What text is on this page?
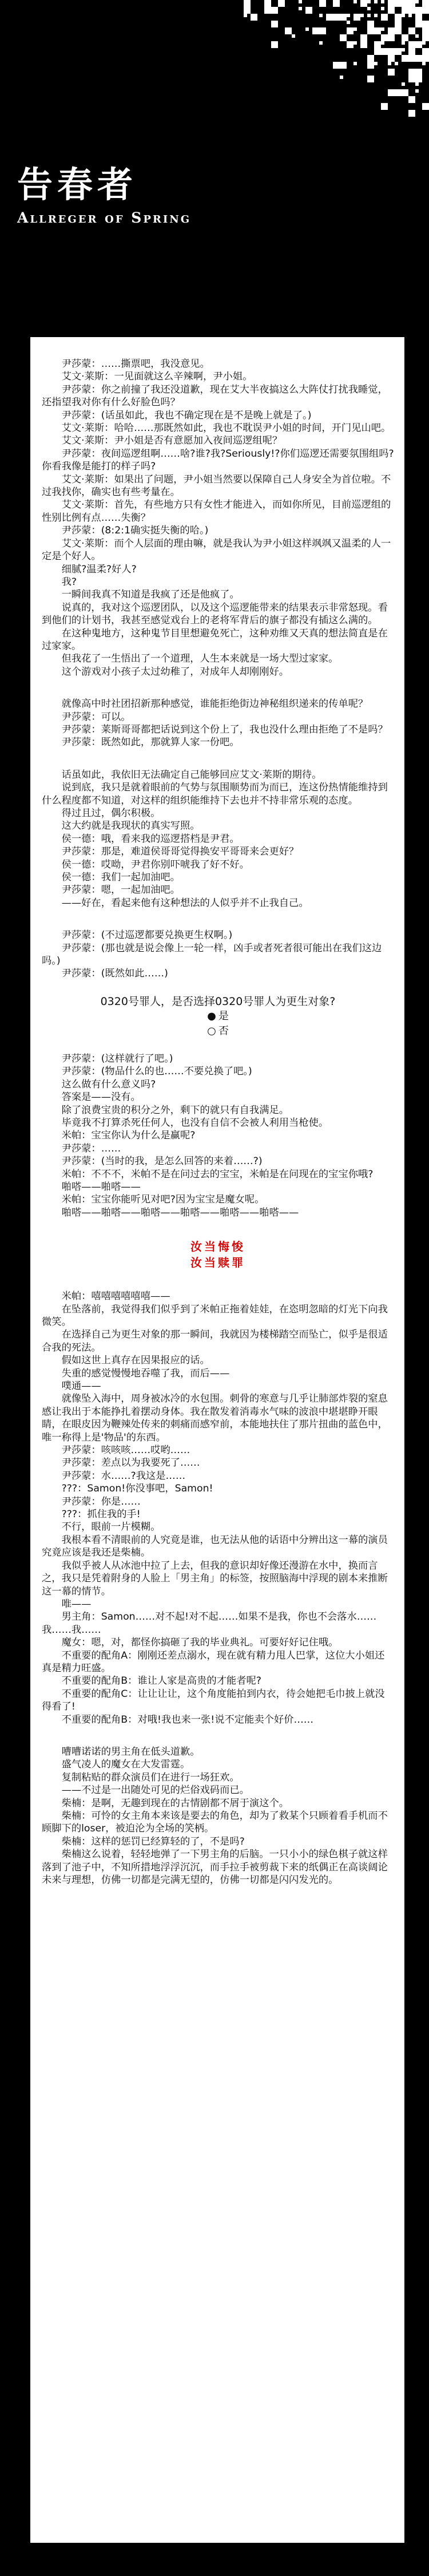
告春者
Allreger of Spring

　　尹莎蒙：……撕票吧，我没意见。

　　艾文·莱斯：一见面就这么辛辣啊，尹小姐。

　　尹莎蒙：你之前撞了我还没道歉，现在艾大半夜搞这么大阵仗打扰我睡觉，还指望我对你有什么好脸色吗？

　　尹莎蒙：(话虽如此，我也不确定现在是不是晚上就是了。)

　　艾文·莱斯：哈哈……那既然如此，我也不耽误尹小姐的时间，开门见山吧。

　　艾文·莱斯：尹小姐是否有意愿加入夜间巡逻组呢？

　　尹莎蒙：夜间巡逻组啊……啥?谁?我?Seriously!?你们巡逻还需要氛围组吗?你看我像是能打的样子吗?

　　艾文·莱斯：如果出了问题，尹小姐当然要以保障自己人身安全为首位啦。不过我找你，确实也有些考量在。

　　艾文·莱斯：首先，有些地方只有女性才能进入，而如你所见，目前巡逻组的性别比例有点……失衡？

　　尹莎蒙：(8:2:1确实挺失衡的哈。)

　　艾文·莱斯：而个人层面的理由嘛，就是我认为尹小姐这样飒飒又温柔的人一定是个好人。

　　细腻?温柔?好人?

　　我?

　　一瞬间我真不知道是我疯了还是他疯了。

　　说真的，我对这个巡逻团队，以及这个巡逻能带来的结果表示非常怒现。看到他们的计划书，我甚至感觉戏台上的老将军背后的旗子都没有插这么满的。

　　在这种鬼地方，这种鬼节目里想避免死亡，这种劝维又天真的想法简直是在过家家。

　　但我花了一生悟出了一个道理，人生本来就是一场大型过家家。

　　这个游戏对小孩子太过幼稚了，对成年人却刚刚好。

　　就像高中时社团招新那种感觉，谁能拒绝街边神秘组织递来的传单呢？

　　尹莎蒙：可以。

　　尹莎蒙：莱斯哥哥都把话说到这个份上了，我也没什么理由拒绝了不是吗？

　　尹莎蒙：既然如此，那就算人家一份吧。

　　话虽如此，我依旧无法确定自己能够回应艾文·莱斯的期待。

　　说到底，我只是就着眼前的气势与氛围顺势而为而已，连这份热情能维持到什么程度都不知道，对这样的组织能维持下去也并不持非常乐观的态度。

　　得过且过，偶尔积极。

　　这大约就是我现状的真实写照。

　　侯一德：哦，看来我的巡逻搭档是尹君。

　　尹莎蒙：那是，难道侯哥哥觉得换安平哥哥来会更好？

　　侯一德：哎呦，尹君你别吓唬我了好不好。

　　侯一德：我们一起加油吧。

　　尹莎蒙：嗯，一起加油吧。

　　——好在，看起来他有这种想法的人似乎并不止我自己。

　　尹莎蒙：(不过巡逻都要兑换更生权啊。)

　　尹莎蒙：(那也就是说会像上一轮一样，凶手或者死者很可能出在我们这边吗。)

　　尹莎蒙：(既然如此……)

0320号罪人，是否选择0320号罪人为更生对象?
● 是
○ 否

　　尹莎蒙：(这样就行了吧。)

　　尹莎蒙：(物品什么的也……不要兑换了吧。)

　　这么做有什么意义吗?

　　答案是——没有。

　　除了浪费宝贵的积分之外，剩下的就只有自我满足。

　　毕竟我不打算杀死任何人，也没有自信不会被人利用当枪使。

　　米帕：宝宝你认为什么是赢呢?

　　尹莎蒙：……

　　尹莎蒙：(当时的我，是怎么回答的来着……?)

　　米帕：不不不，米帕不是在问过去的宝宝，米帕是在问现在的宝宝你哦?

　　啪嗒——啪嗒——

　　米帕：宝宝你能听见对吧?因为宝宝是魔女呢。

　　啪嗒——啪嗒——啪嗒——啪嗒——啪嗒——啪嗒——

汝当悔悛
汝当赎罪

　　米帕：嘻嘻嘻嘻嘻嘻——

　　在坠落前，我觉得我们似乎到了米帕正拖着娃娃，在恣明忽暗的灯光下向我微笑。

　　在选择自己为更生对象的那一瞬间，我就因为楼梯踏空而坠亡，似乎是很适合我的死法。

　　假如这世上真存在因果报应的话。

　　失重的感觉慢慢地吞噬了我，而后——

　　噗通——

　　就像坠入海中，周身被冰冷的水包围。刺骨的寒意与几乎让肺部炸裂的窒息感让我出于本能挣扎着摆动身体。我在散发着消毒水气味的波浪中堪堪睁开眼睛，在眼皮因为鞭辣处传来的刺痛而感窄前，本能地扶住了那片扭曲的蓝色中，唯一称得上是'物品'的东西。

　　尹莎蒙：咳咳咳……哎哟……

　　尹莎蒙：差点以为我要死了……

　　尹莎蒙：水……?我这是……

　　???：Samon!你没事吧，Samon!

　　尹莎蒙：你是……

　　???：抓住我的手!

　　不行，眼前一片模糊。

　　我根本看不清眼前的人究竟是谁，也无法从他的话语中分辨出这一幕的演员究竟应该是我还是柴楠。

　　我似乎被人从冰池中拉了上去，但我的意识却好像还漫游在水中，换而言之，我只是凭着附身的人脸上「男主角」的标签，按照脑海中浮现的剧本来推断这一幕的情节。

　　唯——

　　男主角：Samon……对不起!对不起……如果不是我，你也不会落水……我……我……

　　魔女：嗯，对，都怪你搞砸了我的毕业典礼。可要好好记住哦。

　　不重要的配角A：刚刚还差点溺水，现在就有精力甩人巴掌，这位大小姐还真是精力旺盛。

　　不重要的配角B：谁让人家是高贵的才能者呢?

　　不重要的配角C：让让让让，这个角度能拍到内衣，待会她把毛巾披上就没得看了!

　　不重要的配角B：对哦!我也来一张!说不定能卖个好价……

　　嘈嘈诺诺的男主角在低头道歉。

　　盛气凌人的魔女在大发雷霆。

　　复制粘贴的群众演员们在进行一场狂欢。

　　——不过是一出随处可见的烂俗戏码而已。

　　柴楠：是啊，无趣到现在的古情剧都不屑于演这个。

　　柴楠：可怜的女主角本来该是要去的角色，却为了救某个只顾着看手机而不顾脚下的loser，被迫沦为全场的笑柄。

　　柴楠：这样的惩罚已经算轻的了，不是吗?

　　柴楠这么说着，轻轻地弹了一下男主角的后脑。一只小小的绿色棋子就这样落到了池子中，不知所措地浮浮沉沉，而手拉手被剪裁下来的纸偶正在高谈阔论未来与理想，仿佛一切都是完满无望的，仿佛一切都是闪闪发光的。
